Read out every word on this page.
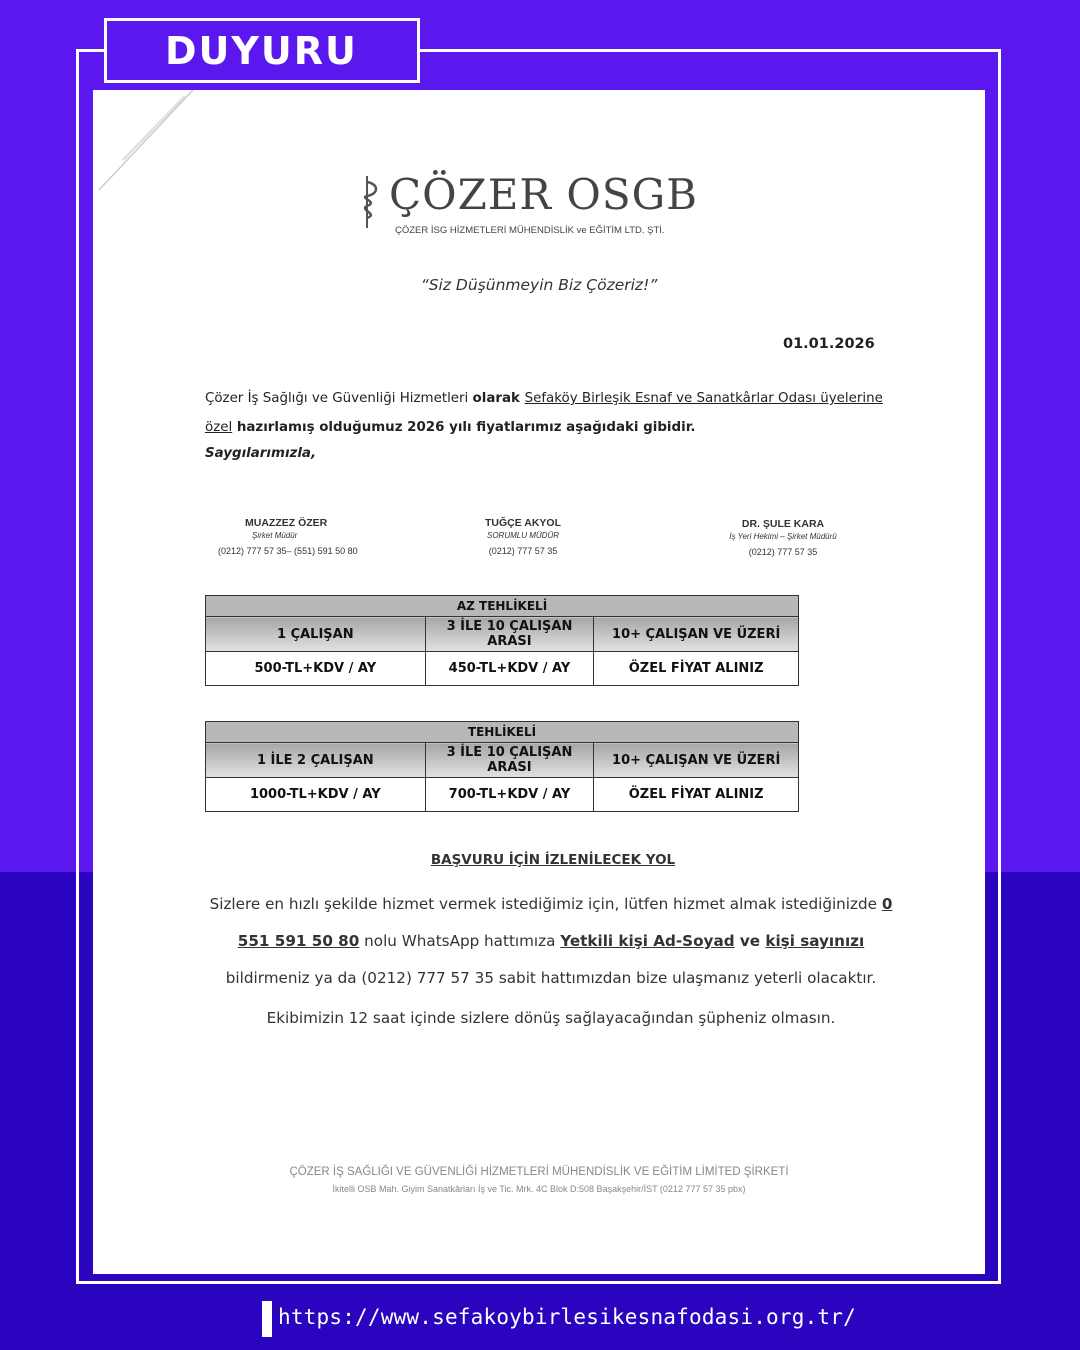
DUYURU
ÇÖZER OSGB
ÇÖZER İSG HİZMETLERİ MÜHENDİSLİK ve EĞİTİM LTD. ŞTİ.
“Siz Düşünmeyin Biz Çözeriz!”
01.01.2026
Çözer İş Sağlığı ve Güvenliği Hizmetleri olarak Sefaköy Birleşik Esnaf ve Sanatkârlar Odası üyelerine özel hazırlamış olduğumuz 2026 yılı fiyatlarımız aşağıdaki gibidir.
Saygılarımızla,
MUAZZEZ ÖZER
Şirket Müdür
(0212) 777 57 35– (551) 591 50 80
TUĞÇE AKYOL
SORUMLU MÜDÜR
(0212) 777 57 35
DR. ŞULE KARA
İş Yeri Hekimi – Şirket Müdürü
(0212) 777 57 35
AZ TEHLİKELİ		
1 ÇALIŞAN	3 İLE 10 ÇALIŞAN ARASI	10+ ÇALIŞAN VE ÜZERİ
500-TL+KDV / AY	450-TL+KDV / AY	ÖZEL FİYAT ALINIZ
TEHLİKELİ		
1 İLE 2 ÇALIŞAN	3 İLE 10 ÇALIŞAN ARASI	10+ ÇALIŞAN VE ÜZERİ
1000-TL+KDV / AY	700-TL+KDV / AY	ÖZEL FİYAT ALINIZ
BAŞVURU İÇİN İZLENİLECEK YOL
Sizlere en hızlı şekilde hizmet vermek istediğimiz için, lütfen hizmet almak istediğinizde 0 551 591 50 80 nolu WhatsApp hattımıza Yetkili kişi Ad-Soyad ve kişi sayınızı bildirmeniz ya da (0212) 777 57 35 sabit hattımızdan bize ulaşmanız yeterli olacaktır.
Ekibimizin 12 saat içinde sizlere dönüş sağlayacağından şüpheniz olmasın.
ÇÖZER İŞ SAĞLIĞI VE GÜVENLİĞİ HİZMETLERİ MÜHENDİSLİK VE EĞİTİM LİMİTED ŞİRKETİ
İkitelli OSB Mah. Giyim Sanatkârları İş ve Tic. Mrk. 4C Blok D:508 Başakşehir/İST (0212 777 57 35 pbx)
https://www.sefakoybirlesikesnafodasi.org.tr/
